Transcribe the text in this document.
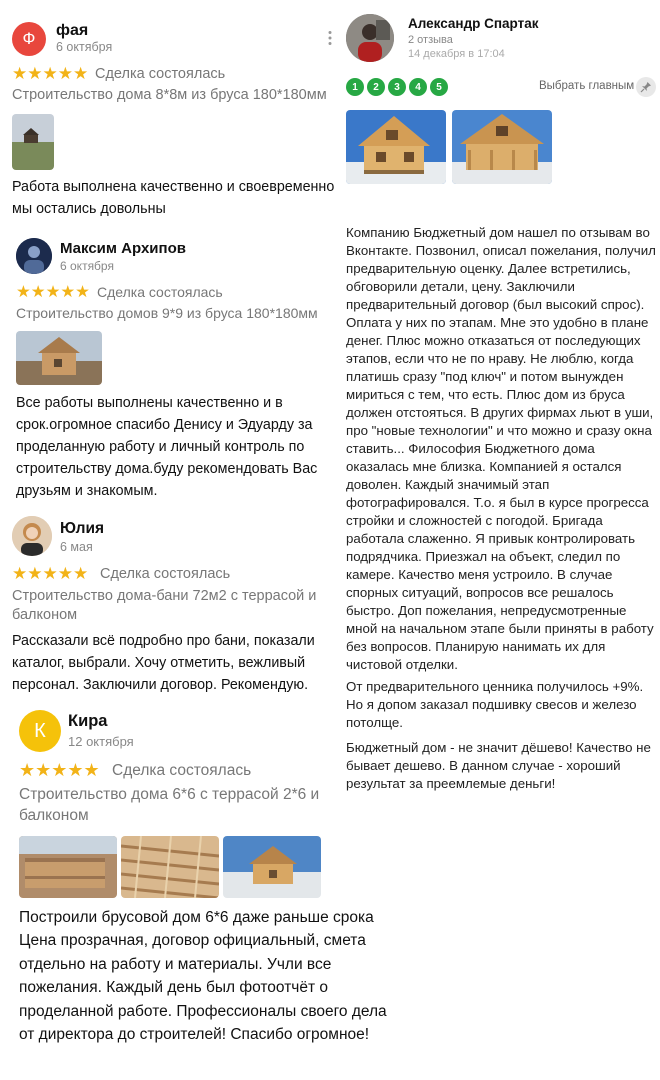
Ф фая
6 октября
★★★★★ Сделка состоялась
Строительство дома 8*8м из бруса 180*180мм
Работа выполнена качественно и своевременно мы остались довольны
Максим Архипов
6 октября
★★★★★ Сделка состоялась
Строительство домов 9*9 из бруса 180*180мм
Все работы выполнены качественно и в срок.огромное спасибо Денису и Эдуарду за проделанную работу и личный контроль по строительству дома.буду рекомендовать Вас друзьям и знакомым.
Юлия
6 мая
★★★★★ Сделка состоялась
Строительство дома-бани 72м2 с террасой и балконом
Рассказали всё подробно про бани, показали каталог, выбрали. Хочу отметить, вежливый персонал. Заключили договор. Рекомендую.
К Кира
12 октября
★★★★★ Сделка состоялась
Строительство дома 6*6 с террасой 2*6 и балконом
Построили брусовой дом 6*6 даже раньше срока Цена прозрачная, договор официальный, смета отдельно на работу и материалы. Учли все пожелания. Каждый день был фотоотчёт о проделанной работе. Профессионалы своего дела от директора до строителей! Спасибо огромное!
Александр Спартак
2 отзыва
14 декабря в 17:04
1	2	3	4	5	Выбрать главным
Компанию Бюджетный дом нашел по отзывам во Вконтакте. Позвонил, описал пожелания, получил предварительную оценку. Далее встретились, обговорили детали, цену. Заключили предварительный договор (был высокий спрос). Оплата у них по этапам. Мне это удобно в плане денег. Плюс можно отказаться от последующих этапов, если что не по нраву. Не люблю, когда платишь сразу "под ключ" и потом вынужден мириться с тем, что есть. Плюс дом из бруса должен отстояться. В других фирмах льют в уши, про "новые технологии" и что можно и сразу окна ставить... Философия Бюджетного дома оказалась мне близка. Компанией я остался доволен. Каждый значимый этап фотографировался. Т.о. я был в курсе прогресса стройки и сложностей с погодой. Бригада работала слаженно. Я привык контролировать подрядчика. Приезжал на объект, следил по камере. Качество меня устроило. В случае спорных ситуаций, вопросов все решалось быстро. Доп пожелания, непредусмотренные мной на начальном этапе были приняты в работу без вопросов. Планирую нанимать их для чистовой отделки.
От предварительного ценника получилось +9%. Но я допом заказал подшивку свесов и железо потолще.
Бюджетный дом - не значит дёшево! Качество не бывает дешево. В данном случае - хороший результат за преемлемые деньги!
